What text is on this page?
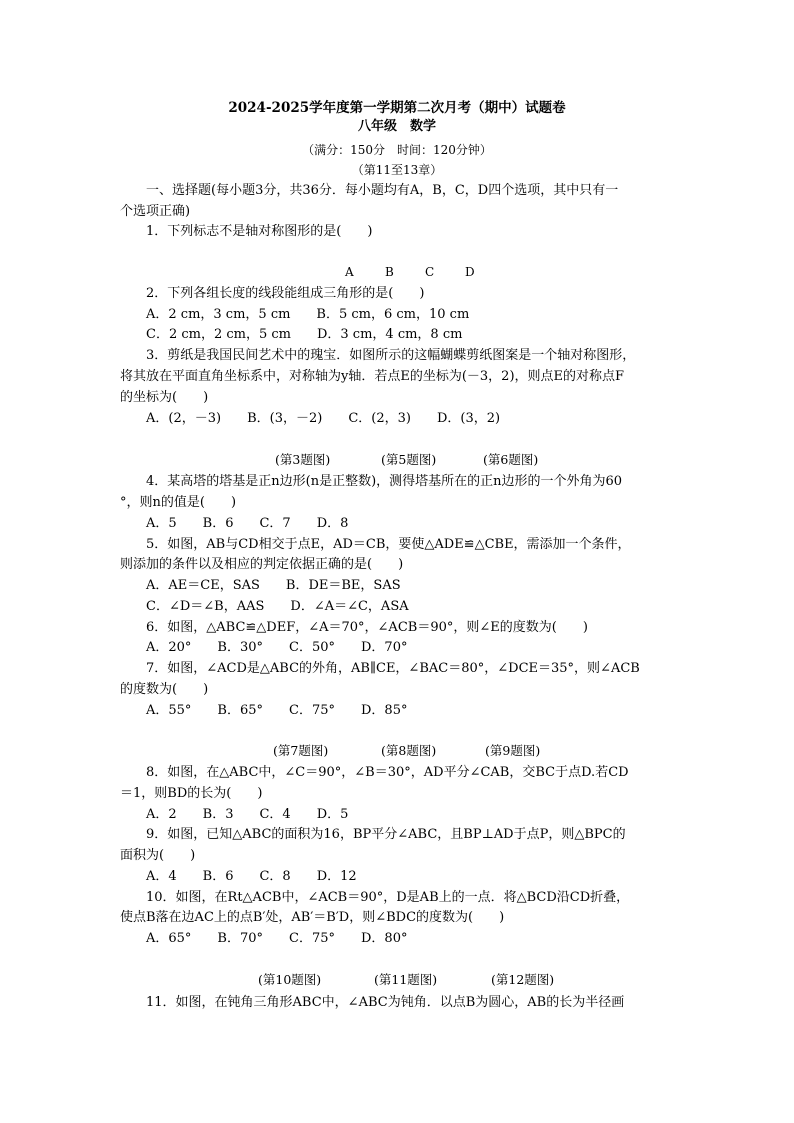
2024-2025学年度第一学期第二次月考（期中）试题卷
八年级　数学
（满分：150分　时间：120分钟）
（第11至13章）
一、选择题(每小题3分，共36分．每小题均有A，B，C，D四个选项，其中只有一
个选项正确)
1．下列标志不是轴对称图形的是(　　)
A	B	C	D
2．下列各组长度的线段能组成三角形的是(　　)
A．2 cm，3 cm，5 cm　　B．5 cm，6 cm，10 cm
C．2 cm，2 cm，5 cm　　D．3 cm，4 cm，8 cm
3．剪纸是我国民间艺术中的瑰宝．如图所示的这幅蝴蝶剪纸图案是一个轴对称图形，
将其放在平面直角坐标系中，对称轴为y轴．若点E的坐标为(－3，2)，则点E的对称点F
的坐标为(　　)
A．(2，－3)　　B．(3，－2)　　C．(2，3)　　D．(3，2)
(第3题图)	(第5题图)	(第6题图)
4．某高塔的塔基是正n边形(n是正整数)，测得塔基所在的正n边形的一个外角为60
°，则n的值是(　　)
A．5　　B．6　　C．7　　D．8
5．如图，AB与CD相交于点E，AD＝CB，要使△ADE≌△CBE，需添加一个条件，
则添加的条件以及相应的判定依据正确的是(　　)
A．AE＝CE，SAS　　B．DE＝BE，SAS
C．∠D＝∠B，AAS　　D．∠A＝∠C，ASA
6．如图，△ABC≌△DEF，∠A＝70°，∠ACB＝90°，则∠E的度数为(　　)
A．20°　　B．30°　　C．50°　　D．70°
7．如图，∠ACD是△ABC的外角，AB∥CE，∠BAC＝80°，∠DCE＝35°，则∠ACB
的度数为(　　)
A．55°　　B．65°　　C．75°　　D．85°
(第7题图)	(第8题图)	(第9题图)
8．如图，在△ABC中，∠C＝90°，∠B＝30°，AD平分∠CAB，交BC于点D.若CD
＝1，则BD的长为(　　)
A．2　　B．3　　C．4　　D．5
9．如图，已知△ABC的面积为16，BP平分∠ABC，且BP⊥AD于点P，则△BPC的
面积为(　　)
A．4　　B．6　　C．8　　D．12
10．如图，在Rt△ACB中，∠ACB＝90°，D是AB上的一点．将△BCD沿CD折叠，
使点B落在边AC上的点B′处，AB′＝B′D，则∠BDC的度数为(　　)
A．65°　　B．70°　　C．75°　　D．80°
(第10题图)	(第11题图)	(第12题图)
11．如图，在钝角三角形ABC中，∠ABC为钝角．以点B为圆心，AB的长为半径画
